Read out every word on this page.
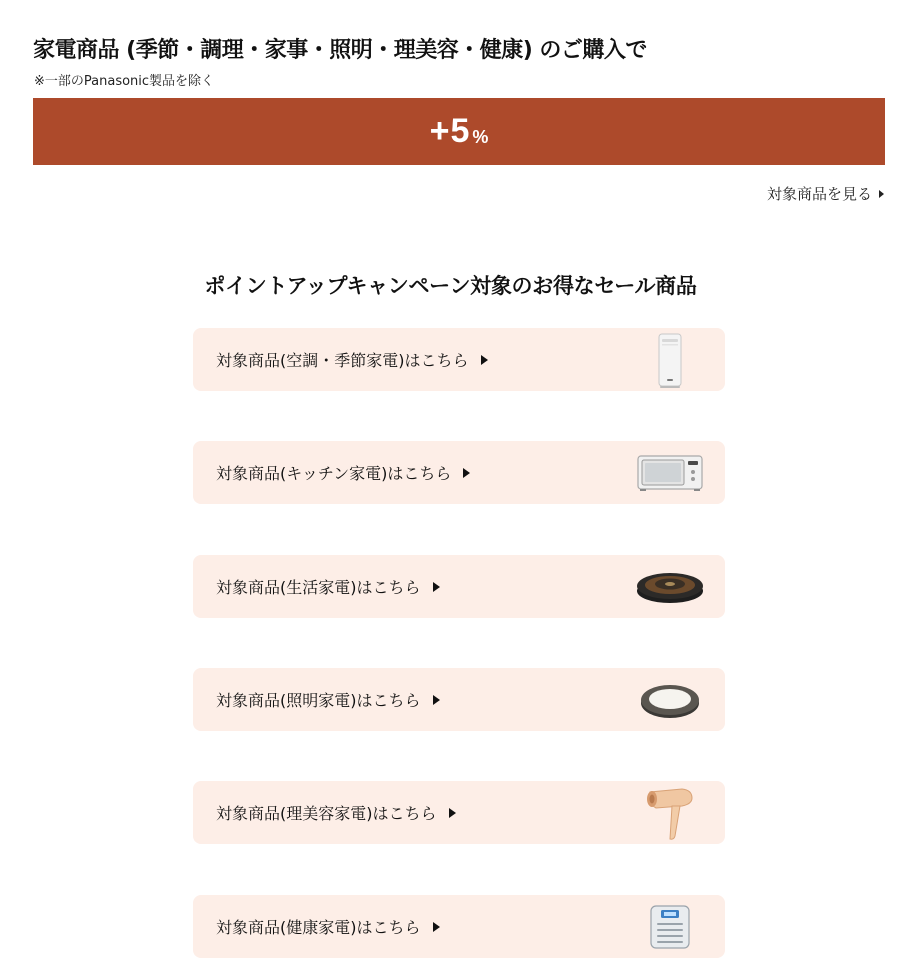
家電商品 (季節・調理・家事・照明・理美容・健康) のご購入で
※一部のPanasonic製品を除く
+5 %
対象商品を見る
ポイントアップキャンペーン対象のお得なセール商品
対象商品(空調・季節家電)はこちら
対象商品(キッチン家電)はこちら
対象商品(生活家電)はこちら
対象商品(照明家電)はこちら
対象商品(理美容家電)はこちら
対象商品(健康家電)はこちら
